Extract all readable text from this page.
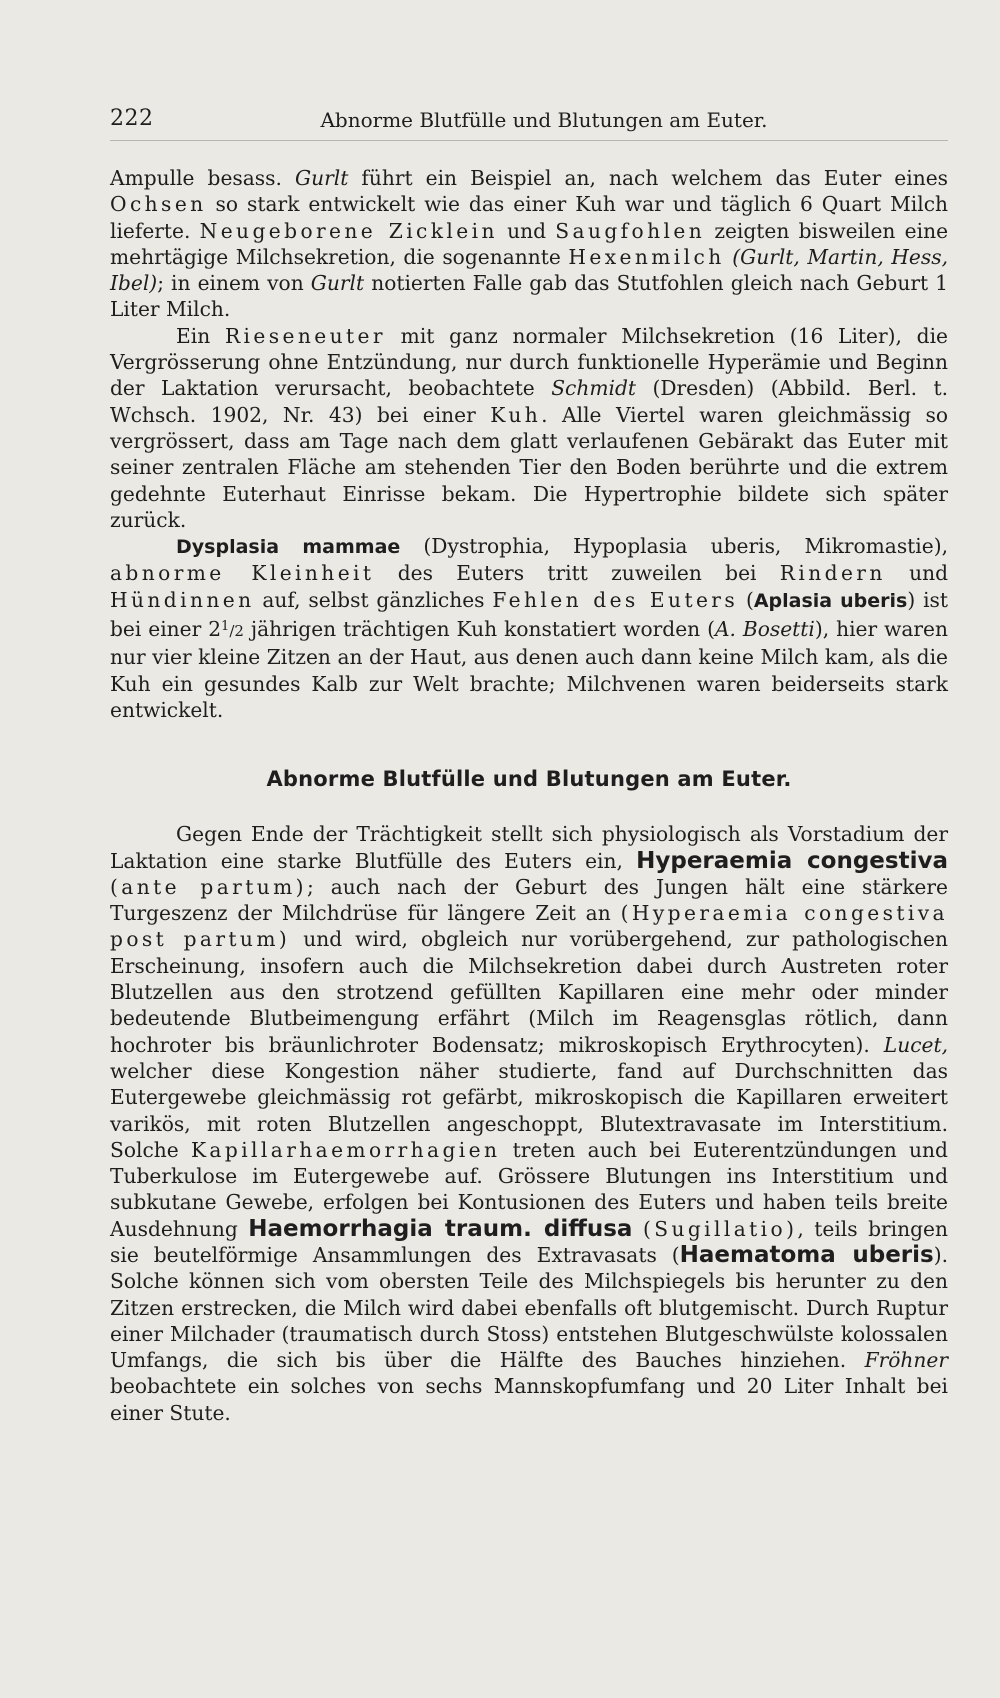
222	Abnorme Blutfülle und Blutungen am Euter.

Ampulle besass. Gurlt führt ein Beispiel an, nach welchem das Euter eines Ochsen so stark entwickelt wie das einer Kuh war und täglich 6 Quart Milch lieferte. Neugeborene Zicklein und Saugfohlen zeigten bisweilen eine mehrtägige Milchsekretion, die sogenannte Hexenmilch (Gurlt, Martin, Hess, Ibel); in einem von Gurlt notierten Falle gab das Stutfohlen gleich nach Geburt 1 Liter Milch.

Ein Rieseneuter mit ganz normaler Milchsekretion (16 Liter), die Vergrösserung ohne Entzündung, nur durch funktionelle Hyperämie und Beginn der Laktation verursacht, beobachtete Schmidt (Dresden) (Abbild. Berl. t. Wchsch. 1902, Nr. 43) bei einer Kuh. Alle Viertel waren gleichmässig so vergrössert, dass am Tage nach dem glatt verlaufenen Gebärakt das Euter mit seiner zentralen Fläche am stehenden Tier den Boden berührte und die extrem gedehnte Euterhaut Einrisse bekam. Die Hypertrophie bildete sich später zurück.

Dysplasia mammae (Dystrophia, Hypoplasia uberis, Mikromastie), abnorme Kleinheit des Euters tritt zuweilen bei Rindern und Hündinnen auf, selbst gänzliches Fehlen des Euters (Aplasia uberis) ist bei einer $2^1/2$ jährigen trächtigen Kuh konstatiert worden (A. Bosetti), hier waren nur vier kleine Zitzen an der Haut, aus denen auch dann keine Milch kam, als die Kuh ein gesundes Kalb zur Welt brachte; Milchvenen waren beiderseits stark entwickelt.

Abnorme Blutfülle und Blutungen am Euter.

Gegen Ende der Trächtigkeit stellt sich physiologisch als Vorstadium der Laktation eine starke Blutfülle des Euters ein, Hyperaemia congestiva (ante partum); auch nach der Geburt des Jungen hält eine stärkere Turgeszenz der Milchdrüse für längere Zeit an (Hyperaemia congestiva post partum) und wird, obgleich nur vorübergehend, zur pathologischen Erscheinung, insofern auch die Milchsekretion dabei durch Austreten roter Blutzellen aus den strotzend gefüllten Kapillaren eine mehr oder minder bedeutende Blutbeimengung erfährt (Milch im Reagensglas rötlich, dann hochroter bis bräunlichroter Bodensatz; mikroskopisch Erythrocyten). Lucet, welcher diese Kongestion näher studierte, fand auf Durchschnitten das Eutergewebe gleichmässig rot gefärbt, mikroskopisch die Kapillaren erweitert varikös, mit roten Blutzellen angeschoppt, Blutextravasate im Interstitium. Solche Kapillarhaemorrhagien treten auch bei Euterentzündungen und Tuberkulose im Eutergewebe auf. Grössere Blutungen ins Interstitium und subkutane Gewebe, erfolgen bei Kontusionen des Euters und haben teils breite Ausdehnung Haemorrhagia traum. diffusa (Sugillatio), teils bringen sie beutelförmige Ansammlungen des Extravasats (Haematoma uberis). Solche können sich vom obersten Teile des Milchspiegels bis herunter zu den Zitzen erstrecken, die Milch wird dabei ebenfalls oft blutgemischt. Durch Ruptur einer Milchader (traumatisch durch Stoss) entstehen Blutgeschwülste kolossalen Umfangs, die sich bis über die Hälfte des Bauches hinziehen. Fröhner beobachtete ein solches von sechs Mannskopfumfang und 20 Liter Inhalt bei einer Stute.
